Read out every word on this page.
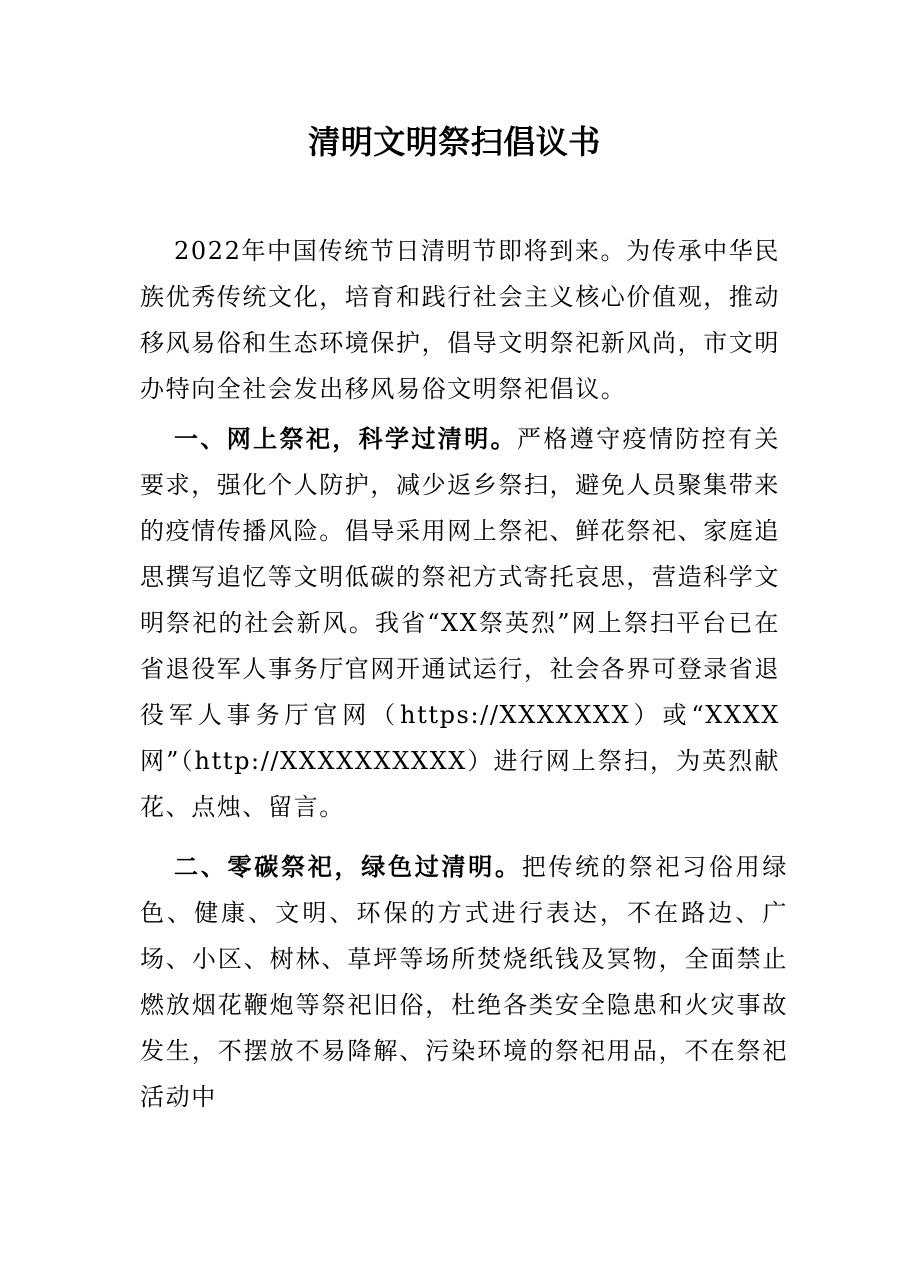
清明文明祭扫倡议书

2022年中国传统节日清明节即将到来。为传承中华民族优秀传统文化，培育和践行社会主义核心价值观，推动移风易俗和生态环境保护，倡导文明祭祀新风尚，市文明办特向全社会发出移风易俗文明祭祀倡议。

一、网上祭祀，科学过清明。严格遵守疫情防控有关要求，强化个人防护，减少返乡祭扫，避免人员聚集带来的疫情传播风险。倡导采用网上祭祀、鲜花祭祀、家庭追思撰写追忆等文明低碳的祭祀方式寄托哀思，营造科学文明祭祀的社会新风。我省“XX祭英烈”网上祭扫平台已在省退役军人事务厅官网开通试运行，社会各界可登录省退役军人事务厅官网（https://XXXXXXX）或“XXXX网”（http://XXXXXXXXXX）进行网上祭扫，为英烈献花、点烛、留言。

二、零碳祭祀，绿色过清明。把传统的祭祀习俗用绿色、健康、文明、环保的方式进行表达，不在路边、广场、小区、树林、草坪等场所焚烧纸钱及冥物，全面禁止燃放烟花鞭炮等祭祀旧俗，杜绝各类安全隐患和火灾事故发生，不摆放不易降解、污染环境的祭祀用品，不在祭祀活动中
